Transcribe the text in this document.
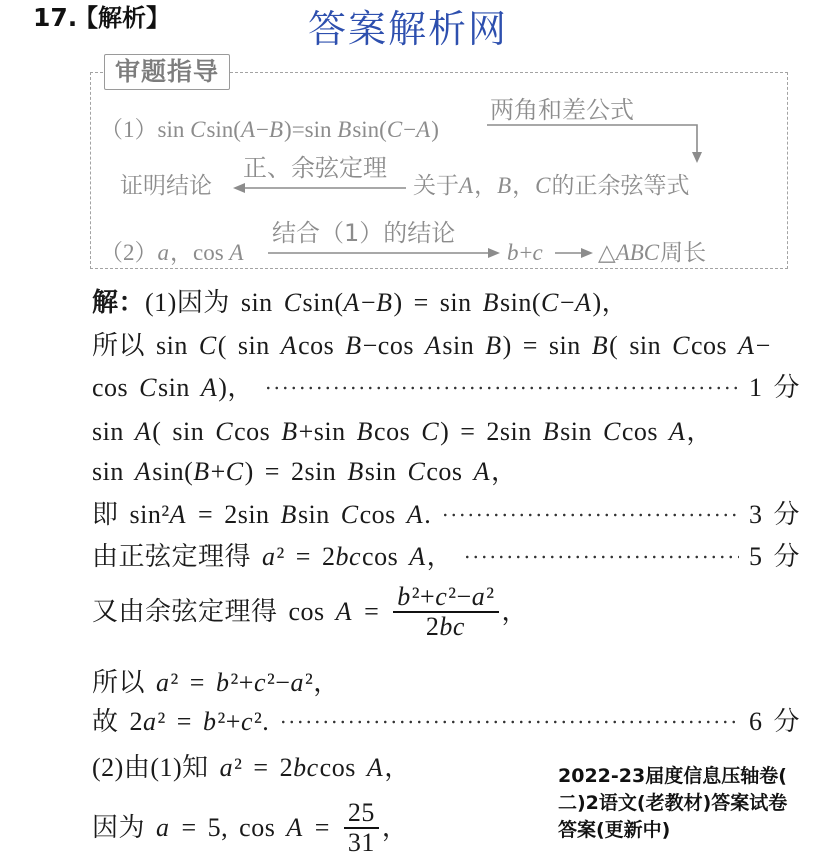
17.
【解析】	答案解析网
审题指导
（1）sin Csin(A−B)=sin Bsin(C−A)
两角和差公式
证明结论
正、余弦定理
关于A，B，C的正余弦等式
（2）a，cos A
结合（1）的结论
b+c △ABC周长
解：(1)因为 sin Csin(A−B) = sin Bsin(C−A)，
所以 sin C( sin Acos B−cos Asin B) = sin B( sin Ccos A−
cos Csin A)，	1 分
sin A( sin Ccos B+sin Bcos C) = 2sin Bsin Ccos A，
sin Asin(B+C) = 2sin Bsin Ccos A，
即 sin²A = 2sin Bsin Ccos A.	3 分
由正弦定理得 a² = 2bccos A，	5 分
又由余弦定理得 $\cos A = \frac{\text{b²+c²−a²}}{2bc}$ ，
所以 a² = b²+c²−a²，
故 2a² = b²+c².	6 分
(2)由(1)知 a² = 2bccos A，
因为 a = 5, $\cos A = \frac{25}{31}$ ，
2022-23届度信息压轴卷(
二)2语文(老教材)答案试卷
答案(更新中)
